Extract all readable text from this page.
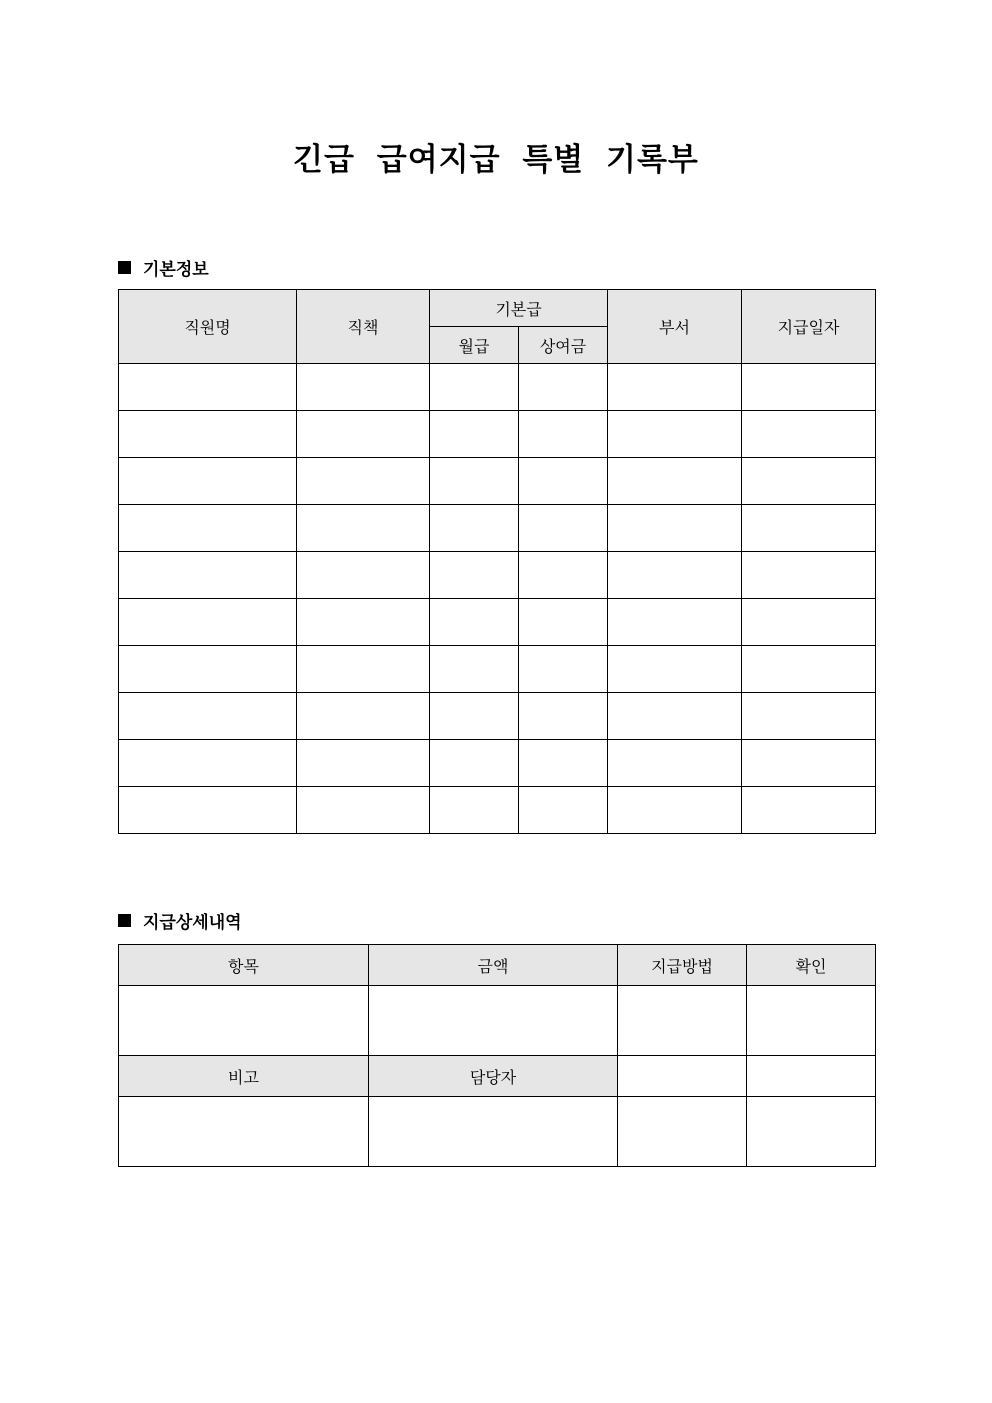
긴급 급여지급 특별 기록부
기본정보
직원명	직책	기본급		부서	지급일자
		월급	상여금		

지급상세내역
항목	금액	지급방법	확인

비고	담당자		
